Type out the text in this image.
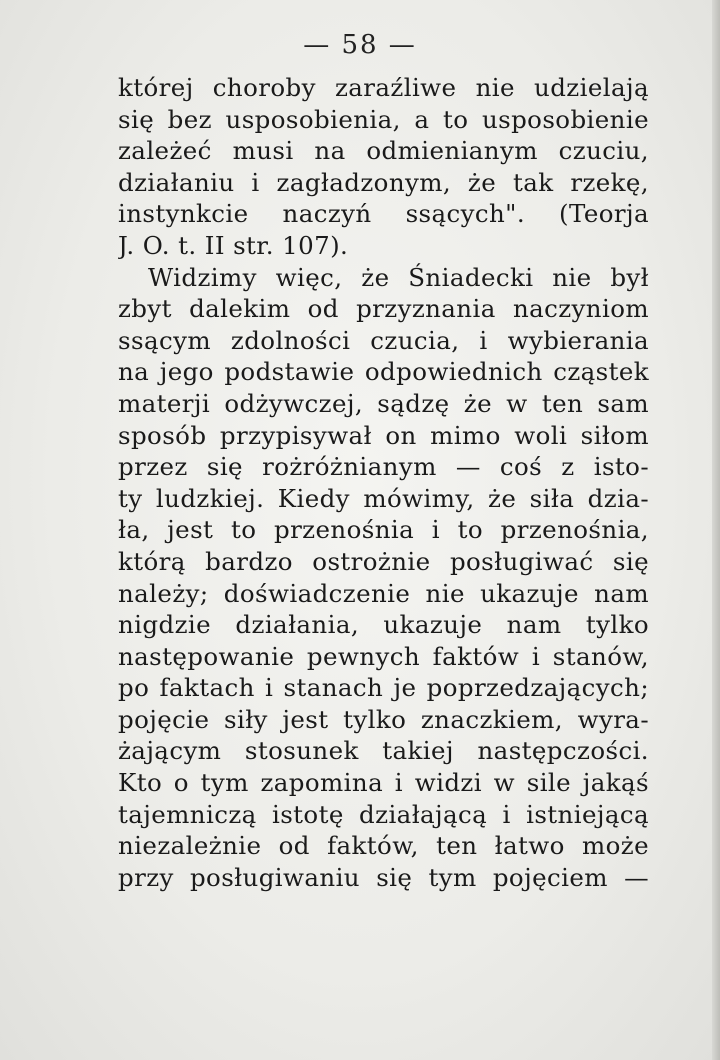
— 58 —
której choroby zaraźliwe nie udzielają
się bez usposobienia, a to usposobienie
zależeć musi na odmienianym czuciu,
działaniu i zagładzonym, że tak rzekę,
instynkcie naczyń ssących". (Teorja
J. O. t. II str. 107).
Widzimy więc, że Śniadecki nie był
zbyt dalekim od przyznania naczyniom
ssącym zdolności czucia, i wybierania
na jego podstawie odpowiednich cząstek
materji odżywczej, sądzę że w ten sam
sposób przypisywał on mimo woli siłom
przez się rożróżnianym — coś z isto-
ty ludzkiej. Kiedy mówimy, że siła dzia-
ła, jest to przenośnia i to przenośnia,
którą bardzo ostrożnie posługiwać się
należy; doświadczenie nie ukazuje nam
nigdzie działania, ukazuje nam tylko
następowanie pewnych faktów i stanów,
po faktach i stanach je poprzedzających;
pojęcie siły jest tylko znaczkiem, wyra-
żającym stosunek takiej następczości.
Kto o tym zapomina i widzi w sile jakąś
tajemniczą istotę działającą i istniejącą
niezależnie od faktów, ten łatwo może
przy posługiwaniu się tym pojęciem —
